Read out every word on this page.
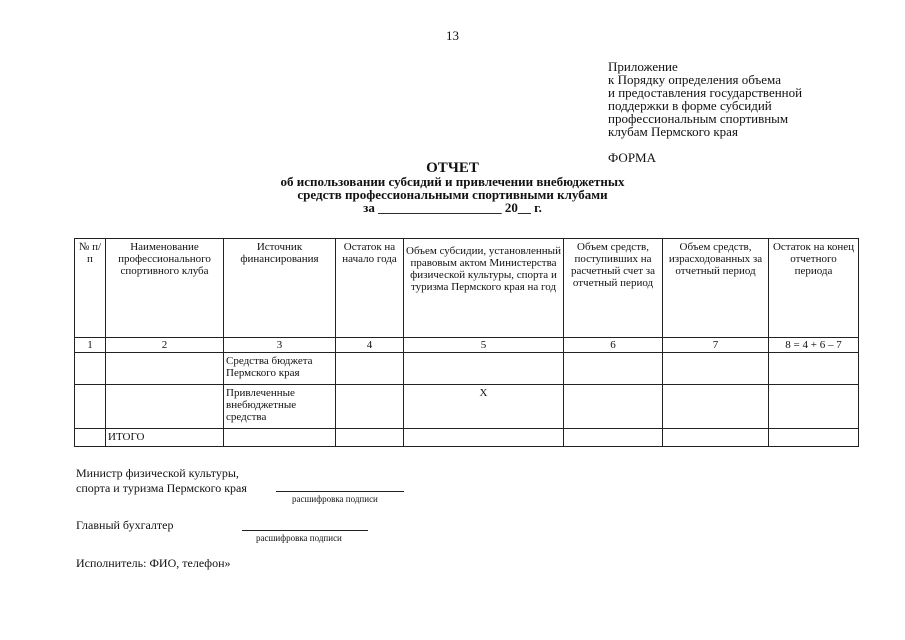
13
Приложение
к Порядку определения объема
и предоставления государственной
поддержки в форме субсидий
профессиональным спортивным
клубам Пермского края
ФОРМА
ОТЧЕТ
об использовании субсидий и привлечении внебюджетных
средств профессиональными спортивными клубами
за ___________________ 20__ г.
№ п/п	Наименование профессионального спортивного клуба	Источник финансирования	Остаток на начало года	Объем субсидии, установленный правовым актом Министерства физической культуры, спорта и туризма Пермского края на год	Объем средств, поступивших на расчетный счет за отчетный период	Объем средств, израсходованных за отчетный период	Остаток на конец отчетного периода
1	2	3	4	5	6	7	8 = 4 + 6 – 7
		Средства бюджета Пермского края					
		Привлеченные внебюджетные средства		X			
	ИТОГО						
Министр физической культуры,
спорта и туризма Пермского края
расшифровка подписи
Главный бухгалтер
расшифровка подписи
Исполнитель: ФИО, телефон»
